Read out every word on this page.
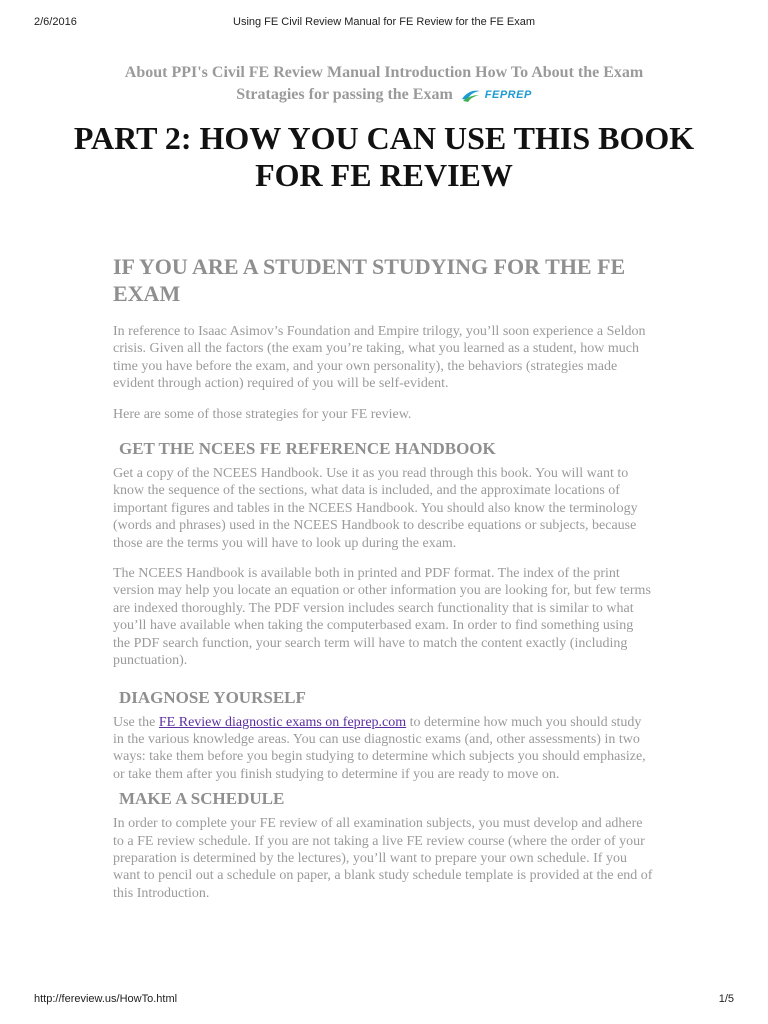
2/6/2016	Using FE Civil Review Manual for FE Review for the FE Exam
About PPI's Civil FE Review Manual Introduction How To About the Exam Stratagies for passing the Exam	FEPREP
PART 2: HOW YOU CAN USE THIS BOOK FOR FE REVIEW
IF YOU ARE A STUDENT STUDYING FOR THE FE EXAM

In reference to Isaac Asimov’s Foundation and Empire trilogy, you’ll soon experience a Seldon crisis. Given all the factors (the exam you’re taking, what you learned as a student, how much time you have before the exam, and your own personality), the behaviors (strategies made evident through action) required of you will be self-evident.

Here are some of those strategies for your FE review.

GET THE NCEES FE REFERENCE HANDBOOK

Get a copy of the NCEES Handbook. Use it as you read through this book. You will want to know the sequence of the sections, what data is included, and the approximate locations of important figures and tables in the NCEES Handbook. You should also know the terminology (words and phrases) used in the NCEES Handbook to describe equations or subjects, because those are the terms you will have to look up during the exam.

The NCEES Handbook is available both in printed and PDF format. The index of the print version may help you locate an equation or other information you are looking for, but few terms are indexed thoroughly. The PDF version includes search functionality that is similar to what you’ll have available when taking the computerbased exam. In order to find something using the PDF search function, your search term will have to match the content exactly (including punctuation).

DIAGNOSE YOURSELF

Use the FE Review diagnostic exams on feprep.com to determine how much you should study in the various knowledge areas. You can use diagnostic exams (and, other assessments) in two ways: take them before you begin studying to determine which subjects you should emphasize, or take them after you finish studying to determine if you are ready to move on.

MAKE A SCHEDULE

In order to complete your FE review of all examination subjects, you must develop and adhere to a FE review schedule. If you are not taking a live FE review course (where the order of your preparation is determined by the lectures), you’ll want to prepare your own schedule. If you want to pencil out a schedule on paper, a blank study schedule template is provided at the end of this Introduction.

http://fereview.us/HowTo.html	1/5
